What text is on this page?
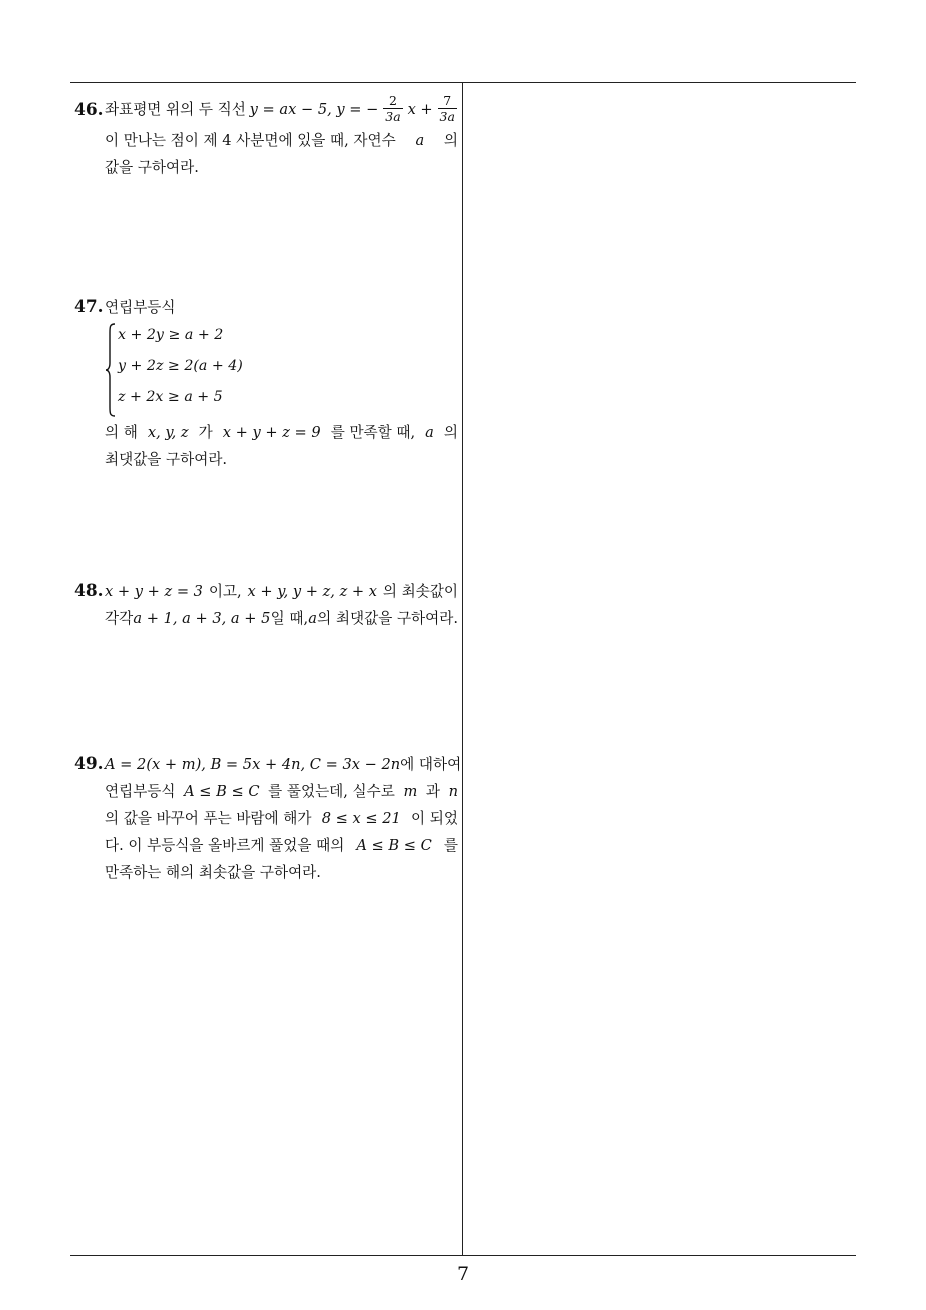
7
46. 좌표평면 위의 두 직선 y = ax − 5, y = − $\frac{2}{3a}$ $x + \frac{7}{3a}$
이 만나는 점이 제 4 사분면에 있을 때, 자연수 a 의
값을 구하여라.
47. 연립부등식
x + 2y ≥ a + 2
y + 2z ≥ 2(a + 4)
z + 2x ≥ a + 5
의 해 x, y, z 가 x + y + z = 9 를 만족할 때, a 의
최댓값을 구하여라.
48. x + y + z = 3 이고, x + y, y + z, z + x 의 최솟값이
각각 a + 1, a + 3, a + 5 일 때, a 의 최댓값을 구하여라.
49. A = 2(x + m), B = 5x + 4n, C = 3x − 2n 에 대하여
연립부등식 A ≤ B ≤ C 를 풀었는데, 실수로 m 과 n
의 값을 바꾸어 푸는 바람에 해가 8 ≤ x ≤ 21 이 되었
다. 이 부등식을 올바르게 풀었을 때의 A ≤ B ≤ C 를
만족하는 해의 최솟값을 구하여라.
